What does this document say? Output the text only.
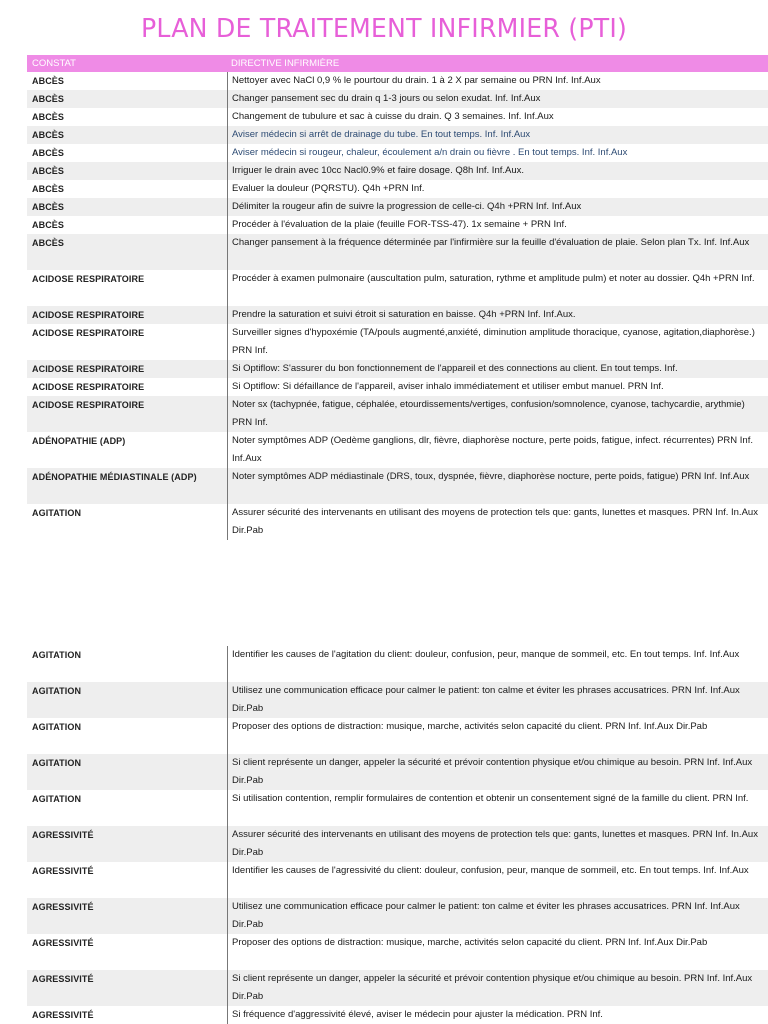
PLAN DE TRAITEMENT INFIRMIER (PTI)
CONSTAT	DIRECTIVE INFIRMIÈRE
ABCÈS	Nettoyer avec NaCl 0,9 % le pourtour du drain. 1 à 2 X par semaine ou PRN Inf. Inf.Aux
ABCÈS	Changer pansement sec du drain q 1-3 jours ou selon exudat. Inf. Inf.Aux
ABCÈS	Changement de tubulure et sac à cuisse du drain. Q 3 semaines. Inf. Inf.Aux
ABCÈS	Aviser médecin si arrêt de drainage du tube. En tout temps. Inf. Inf.Aux
ABCÈS	Aviser médecin si rougeur, chaleur, écoulement a/n drain ou fièvre . En tout temps. Inf. Inf.Aux
ABCÈS	Irriguer le drain avec 10cc Nacl0.9% et faire dosage. Q8h Inf. Inf.Aux.
ABCÈS	Evaluer la douleur (PQRSTU). Q4h +PRN Inf.
ABCÈS	Délimiter la rougeur afin de suivre la progression de celle-ci. Q4h +PRN Inf. Inf.Aux
ABCÈS	Procéder à l'évaluation de la plaie (feuille FOR-TSS-47). 1x semaine + PRN Inf.
ABCÈS	Changer pansement à la fréquence déterminée par l'infirmière sur la feuille d'évaluation de plaie. Selon plan Tx. Inf. Inf.Aux
ACIDOSE RESPIRATOIRE	Procéder à examen pulmonaire (auscultation pulm, saturation, rythme et amplitude pulm) et noter au dossier. Q4h +PRN Inf.
ACIDOSE RESPIRATOIRE	Prendre la saturation et suivi étroit si saturation en baisse. Q4h +PRN Inf. Inf.Aux.
ACIDOSE RESPIRATOIRE	Surveiller signes d'hypoxémie (TA/pouls augmenté,anxiété, diminution amplitude thoracique, cyanose, agitation,diaphorèse.) PRN Inf.
ACIDOSE RESPIRATOIRE	Si Optiflow: S'assurer du bon fonctionnement de l'appareil et des connections au client. En tout temps. Inf.
ACIDOSE RESPIRATOIRE	Si Optiflow: Si défaillance de l'appareil, aviser inhalo immédiatement et utiliser embut manuel. PRN Inf.
ACIDOSE RESPIRATOIRE	Noter sx (tachypnée, fatigue, céphalée, etourdissements/vertiges, confusion/somnolence, cyanose, tachycardie, arythmie) PRN Inf.
ADÉNOPATHIE (ADP)	Noter symptômes ADP (Oedème ganglions, dlr, fièvre, diaphorèse nocture, perte poids, fatigue, infect. récurrentes) PRN Inf. Inf.Aux
ADÉNOPATHIE MÉDIASTINALE (ADP)	Noter symptômes ADP médiastinale (DRS, toux, dyspnée, fièvre, diaphorèse nocture, perte poids, fatigue) PRN Inf. Inf.Aux
AGITATION	Assurer sécurité des intervenants en utilisant des moyens de protection tels que: gants, lunettes et masques. PRN Inf. In.Aux Dir.Pab
AGITATION	Identifier les causes de l'agitation du client: douleur, confusion, peur, manque de sommeil, etc. En tout temps. Inf. Inf.Aux
AGITATION	Utilisez une communication efficace pour calmer le patient: ton calme et éviter les phrases accusatrices. PRN Inf. Inf.Aux Dir.Pab
AGITATION	Proposer des options de distraction: musique, marche, activités selon capacité du client. PRN Inf. Inf.Aux Dir.Pab
AGITATION	Si client représente un danger, appeler la sécurité et prévoir contention physique et/ou chimique au besoin. PRN Inf. Inf.Aux Dir.Pab
AGITATION	Si utilisation contention, remplir formulaires de contention et obtenir un consentement signé de la famille du client. PRN Inf.
AGRESSIVITÉ	Assurer sécurité des intervenants en utilisant des moyens de protection tels que: gants, lunettes et masques. PRN Inf. In.Aux Dir.Pab
AGRESSIVITÉ	Identifier les causes de l'agressivité du client: douleur, confusion, peur, manque de sommeil, etc. En tout temps. Inf. Inf.Aux
AGRESSIVITÉ	Utilisez une communication efficace pour calmer le patient: ton calme et éviter les phrases accusatrices. PRN Inf. Inf.Aux Dir.Pab
AGRESSIVITÉ	Proposer des options de distraction: musique, marche, activités selon capacité du client. PRN Inf. Inf.Aux Dir.Pab
AGRESSIVITÉ	Si client représente un danger, appeler la sécurité et prévoir contention physique et/ou chimique au besoin. PRN Inf. Inf.Aux Dir.Pab
AGRESSIVITÉ	Si fréquence d'aggressivité élevé, aviser le médecin pour ajuster la médication. PRN Inf.
